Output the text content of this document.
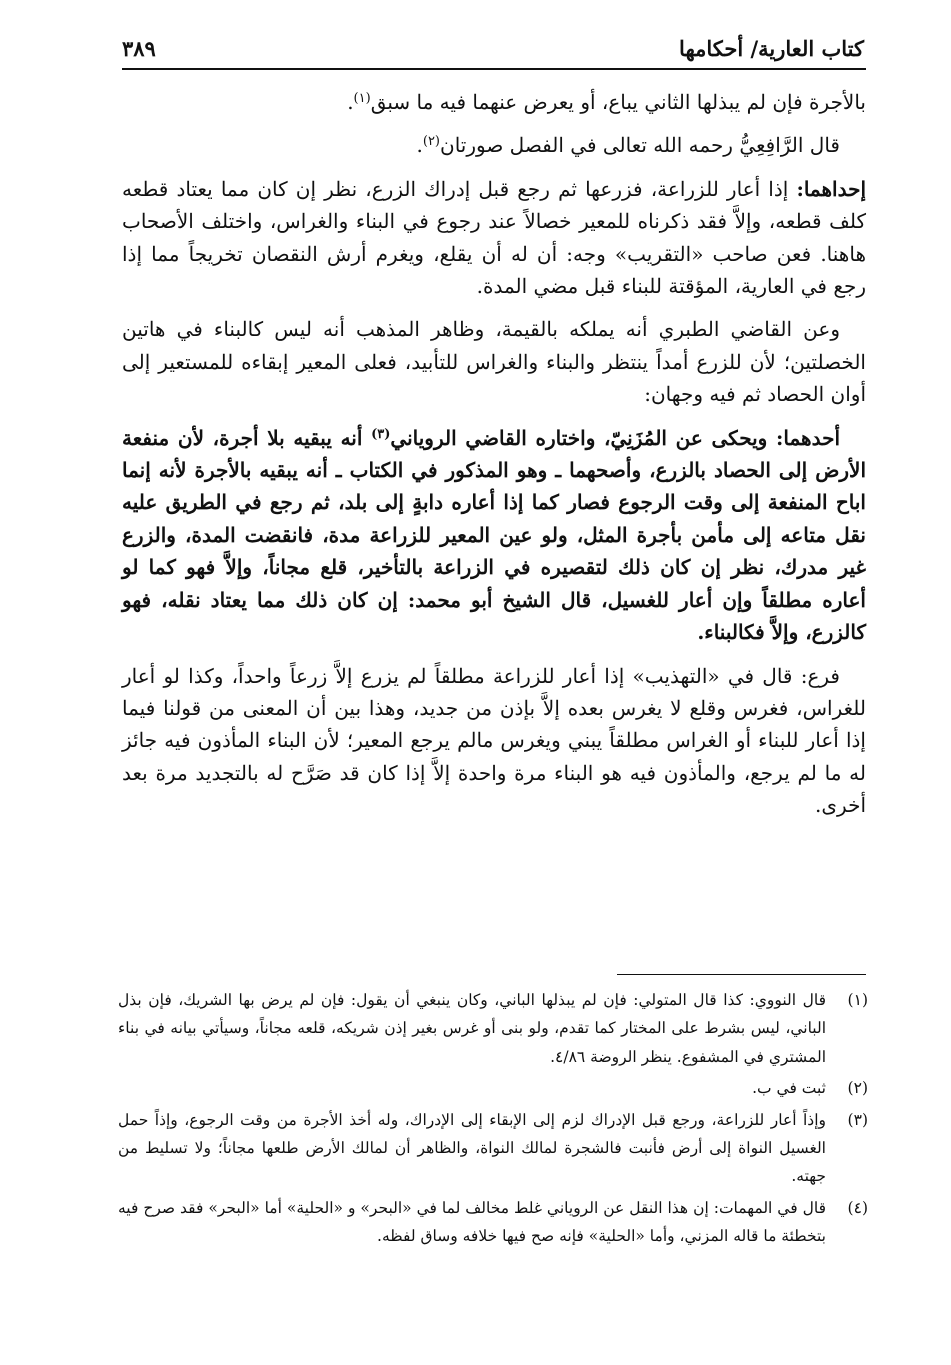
كتاب العارية/ أحكامها
٣٨٩

بالأجرة فإن لم يبذلها الثاني يباع، أو يعرض عنهما فيه ما سبق$^{(١)}$.

قال الرَّافِعِيُّ رحمه الله تعالى في الفصل صورتان$^{(٢)}$.

إحداهما: إذا أعار للزراعة، فزرعها ثم رجع قبل إدراك الزرع، نظر إن كان مما يعتاد قطعه كلف قطعه، وإلاَّ فقد ذكرناه للمعير خصالاً عند رجوع في البناء والغراس، واختلف الأصحاب هاهنا. فعن صاحب «التقريب» وجه: أن له أن يقلع، ويغرم أرش النقصان تخريجاً مما إذا رجع في العارية، المؤقتة للبناء قبل مضي المدة.

وعن القاضي الطبري أنه يملكه بالقيمة، وظاهر المذهب أنه ليس كالبناء في هاتين الخصلتين؛ لأن للزرع أمداً ينتظر والبناء والغراس للتأبيد، فعلى المعير إبقاءه للمستعير إلى أوان الحصاد ثم فيه وجهان:

أحدهما: ويحكى عن المُزَنِيّ، واختاره القاضي الروياني$^{(٣)}$ أنه يبقيه بلا أجرة، لأن منفعة الأرض إلى الحصاد بالزرع، وأصحهما ـ وهو المذكور في الكتاب ـ أنه يبقيه بالأجرة لأنه إنما اباح المنفعة إلى وقت الرجوع فصار كما إذا أعاره دابةٍ إلى بلد، ثم رجع في الطريق عليه نقل متاعه إلى مأمن بأجرة المثل، ولو عين المعير للزراعة مدة، فانقضت المدة، والزرع غير مدرك، نظر إن كان ذلك لتقصيره في الزراعة بالتأخير، قلع مجاناً، وإلاَّ فهو كما لو أعاره مطلقاً وإن أعار للغسيل، قال الشيخ أبو محمد: إن كان ذلك مما يعتاد نقله، فهو كالزرع، وإلاَّ فكالبناء.

فرع: قال في «التهذيب» إذا أعار للزراعة مطلقاً لم يزرع إلاَّ زرعاً واحداً، وكذا لو أعار للغراس، فغرس وقلع لا يغرس بعده إلاَّ بإذن من جديد، وهذا بين أن المعنى من قولنا فيما إذا أعار للبناء أو الغراس مطلقاً يبني ويغرس مالم يرجع المعير؛ لأن البناء المأذون فيه جائز له ما لم يرجع، والمأذون فيه هو البناء مرة واحدة إلاَّ إذا كان قد صَرَّح له بالتجديد مرة بعد أخرى.

(١)
قال النووي: كذا قال المتولي: فإن لم يبذلها الباني، وكان ينبغي أن يقول: فإن لم يرض بها الشريك، فإن بذل الباني، ليس بشرط على المختار كما تقدم، ولو بنى أو غرس بغير إذن شريكه، قلعه مجاناً، وسيأتي بيانه في بناء المشتري في المشفوع. ينظر الروضة ٤/٨٦.
(٢)
ثبت في ب.
(٣)
وإذاً أعار للزراعة، ورجع قبل الإدراك لزم إلى الإبقاء إلى الإدراك، وله أخذ الأجرة من وقت الرجوع، وإذاً حمل الغسيل النواة إلى أرض فأنبت فالشجرة لمالك النواة، والظاهر أن لمالك الأرض طلعها مجاناً؛ ولا تسليط من جهته.
(٤)
قال في المهمات: إن هذا النقل عن الروياني غلط مخالف لما في «البحر» و «الحلية» أما «البحر» فقد صرح فيه بتخطئة ما قاله المزني، وأما «الحلية» فإنه صح فيها خلافه وساق لفظه.
